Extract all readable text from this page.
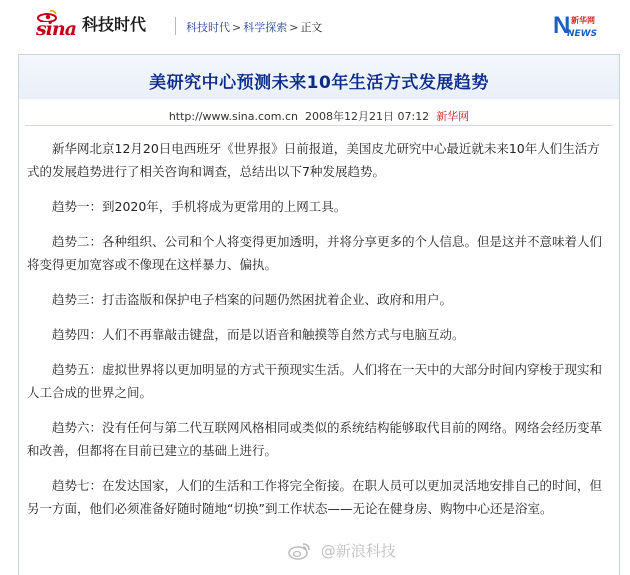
sina 科技时代	科技时代 > 科学探索 > 正文	N 新华网
NEWS
美研究中心预测未来10年生活方式发展趋势
http://www.sina.com.cn 2008年12月21日 07:12 新华网

新华网北京12月20日电西班牙《世界报》日前报道，美国皮尤研究中心最近就未来10年人们生活方式的发展趋势进行了相关咨询和调查，总结出以下7种发展趋势。

趋势一：到2020年，手机将成为更常用的上网工具。

趋势二：各种组织、公司和个人将变得更加透明，并将分享更多的个人信息。但是这并不意味着人们将变得更加宽容或不像现在这样暴力、偏执。

趋势三：打击盗版和保护电子档案的问题仍然困扰着企业、政府和用户。

趋势四：人们不再靠敲击键盘，而是以语音和触摸等自然方式与电脑互动。

趋势五：虚拟世界将以更加明显的方式干预现实生活。人们将在一天中的大部分时间内穿梭于现实和人工合成的世界之间。

趋势六：没有任何与第二代互联网风格相同或类似的系统结构能够取代目前的网络。网络会经历变革和改善，但都将在目前已建立的基础上进行。

趋势七：在发达国家，人们的生活和工作将完全衔接。在职人员可以更加灵活地安排自己的时间，但另一方面，他们必须准备好随时随地“切换”到工作状态——无论在健身房、购物中心还是浴室。

@新浪科技
